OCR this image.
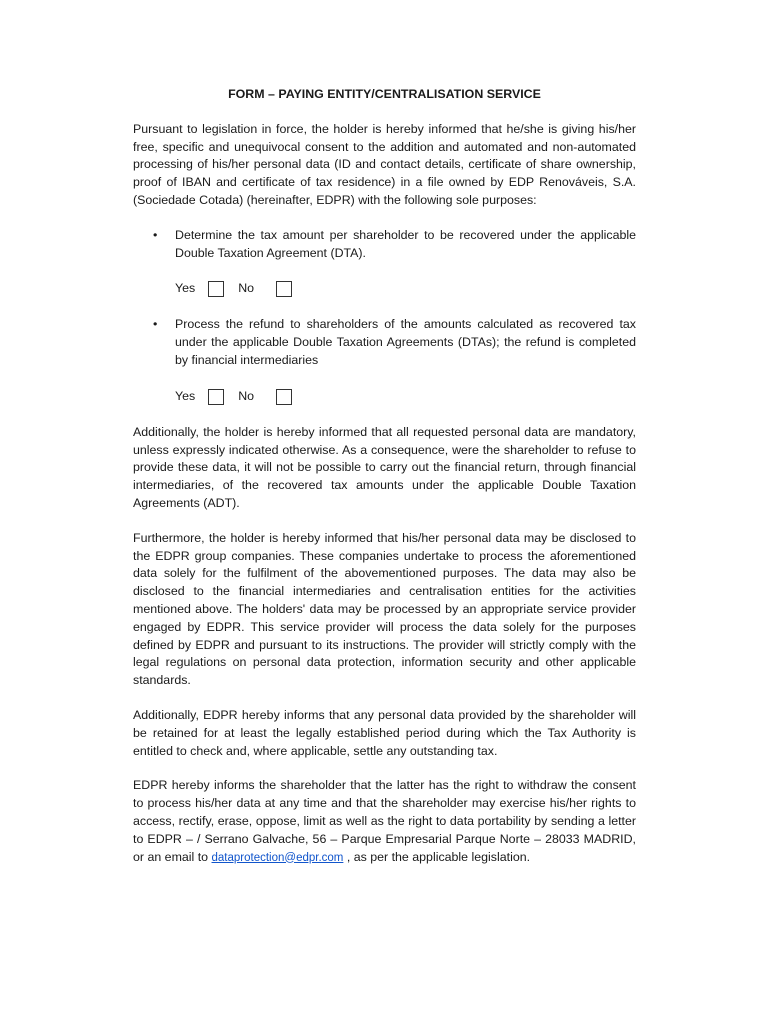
FORM – PAYING ENTITY/CENTRALISATION SERVICE

Pursuant to legislation in force, the holder is hereby informed that he/she is giving his/her free, specific and unequivocal consent to the addition and automated and non-automated processing of his/her personal data (ID and contact details, certificate of share ownership, proof of IBAN and certificate of tax residence) in a file owned by EDP Renováveis, S.A. (Sociedade Cotada) (hereinafter, EDPR) with the following sole purposes:

• Determine the tax amount per shareholder to be recovered under the applicable Double Taxation Agreement (DTA).
Yes	No
• Process the refund to shareholders of the amounts calculated as recovered tax under the applicable Double Taxation Agreements (DTAs); the refund is completed by financial intermediaries
Yes	No

Additionally, the holder is hereby informed that all requested personal data are mandatory, unless expressly indicated otherwise. As a consequence, were the shareholder to refuse to provide these data, it will not be possible to carry out the financial return, through financial intermediaries, of the recovered tax amounts under the applicable Double Taxation Agreements (ADT).

Furthermore, the holder is hereby informed that his/her personal data may be disclosed to the EDPR group companies. These companies undertake to process the aforementioned data solely for the fulfilment of the abovementioned purposes. The data may also be disclosed to the financial intermediaries and centralisation entities for the activities mentioned above. The holders' data may be processed by an appropriate service provider engaged by EDPR. This service provider will process the data solely for the purposes defined by EDPR and pursuant to its instructions. The provider will strictly comply with the legal regulations on personal data protection, information security and other applicable standards.

Additionally, EDPR hereby informs that any personal data provided by the shareholder will be retained for at least the legally established period during which the Tax Authority is entitled to check and, where applicable, settle any outstanding tax.

EDPR hereby informs the shareholder that the latter has the right to withdraw the consent to process his/her data at any time and that the shareholder may exercise his/her rights to access, rectify, erase, oppose, limit as well as the right to data portability by sending a letter to EDPR – / Serrano Galvache, 56 – Parque Empresarial Parque Norte – 28033 MADRID, or an email to dataprotection@edpr.com , as per the applicable legislation.
